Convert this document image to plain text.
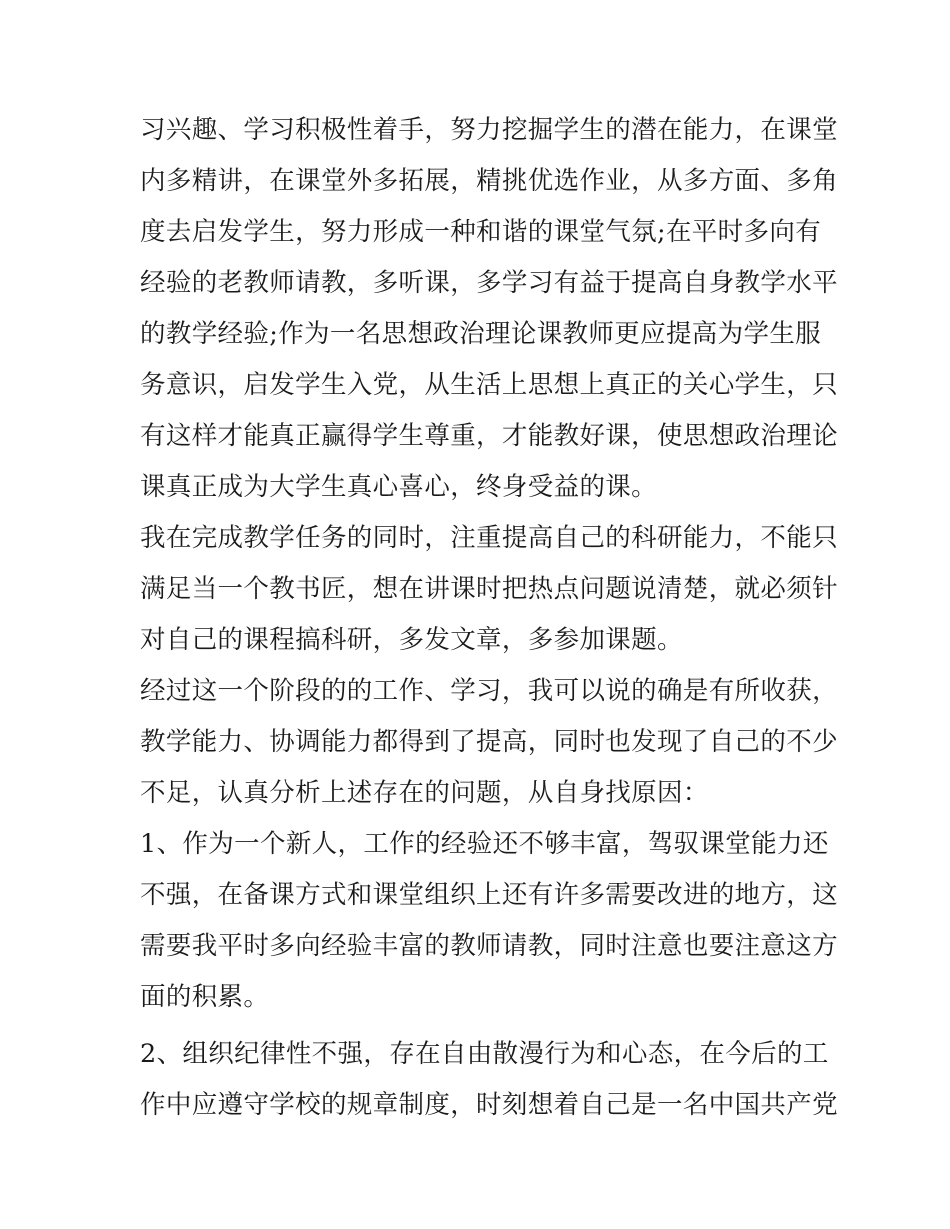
习兴趣、学习积极性着手，努力挖掘学生的潜在能力，在课堂
内多精讲，在课堂外多拓展，精挑优选作业，从多方面、多角
度去启发学生，努力形成一种和谐的课堂气氛;在平时多向有
经验的老教师请教，多听课，多学习有益于提高自身教学水平
的教学经验;作为一名思想政治理论课教师更应提高为学生服
务意识，启发学生入党，从生活上思想上真正的关心学生，只
有这样才能真正赢得学生尊重，才能教好课，使思想政治理论
课真正成为大学生真心喜心，终身受益的课。
我在完成教学任务的同时，注重提高自己的科研能力，不能只
满足当一个教书匠，想在讲课时把热点问题说清楚，就必须针
对自己的课程搞科研，多发文章，多参加课题。
经过这一个阶段的的工作、学习，我可以说的确是有所收获，
教学能力、协调能力都得到了提高，同时也发现了自己的不少
不足，认真分析上述存在的问题，从自身找原因：
1、作为一个新人，工作的经验还不够丰富，驾驭课堂能力还
不强，在备课方式和课堂组织上还有许多需要改进的地方，这
需要我平时多向经验丰富的教师请教，同时注意也要注意这方
面的积累。
2、组织纪律性不强，存在自由散漫行为和心态，在今后的工
作中应遵守学校的规章制度，时刻想着自己是一名中国共产党
